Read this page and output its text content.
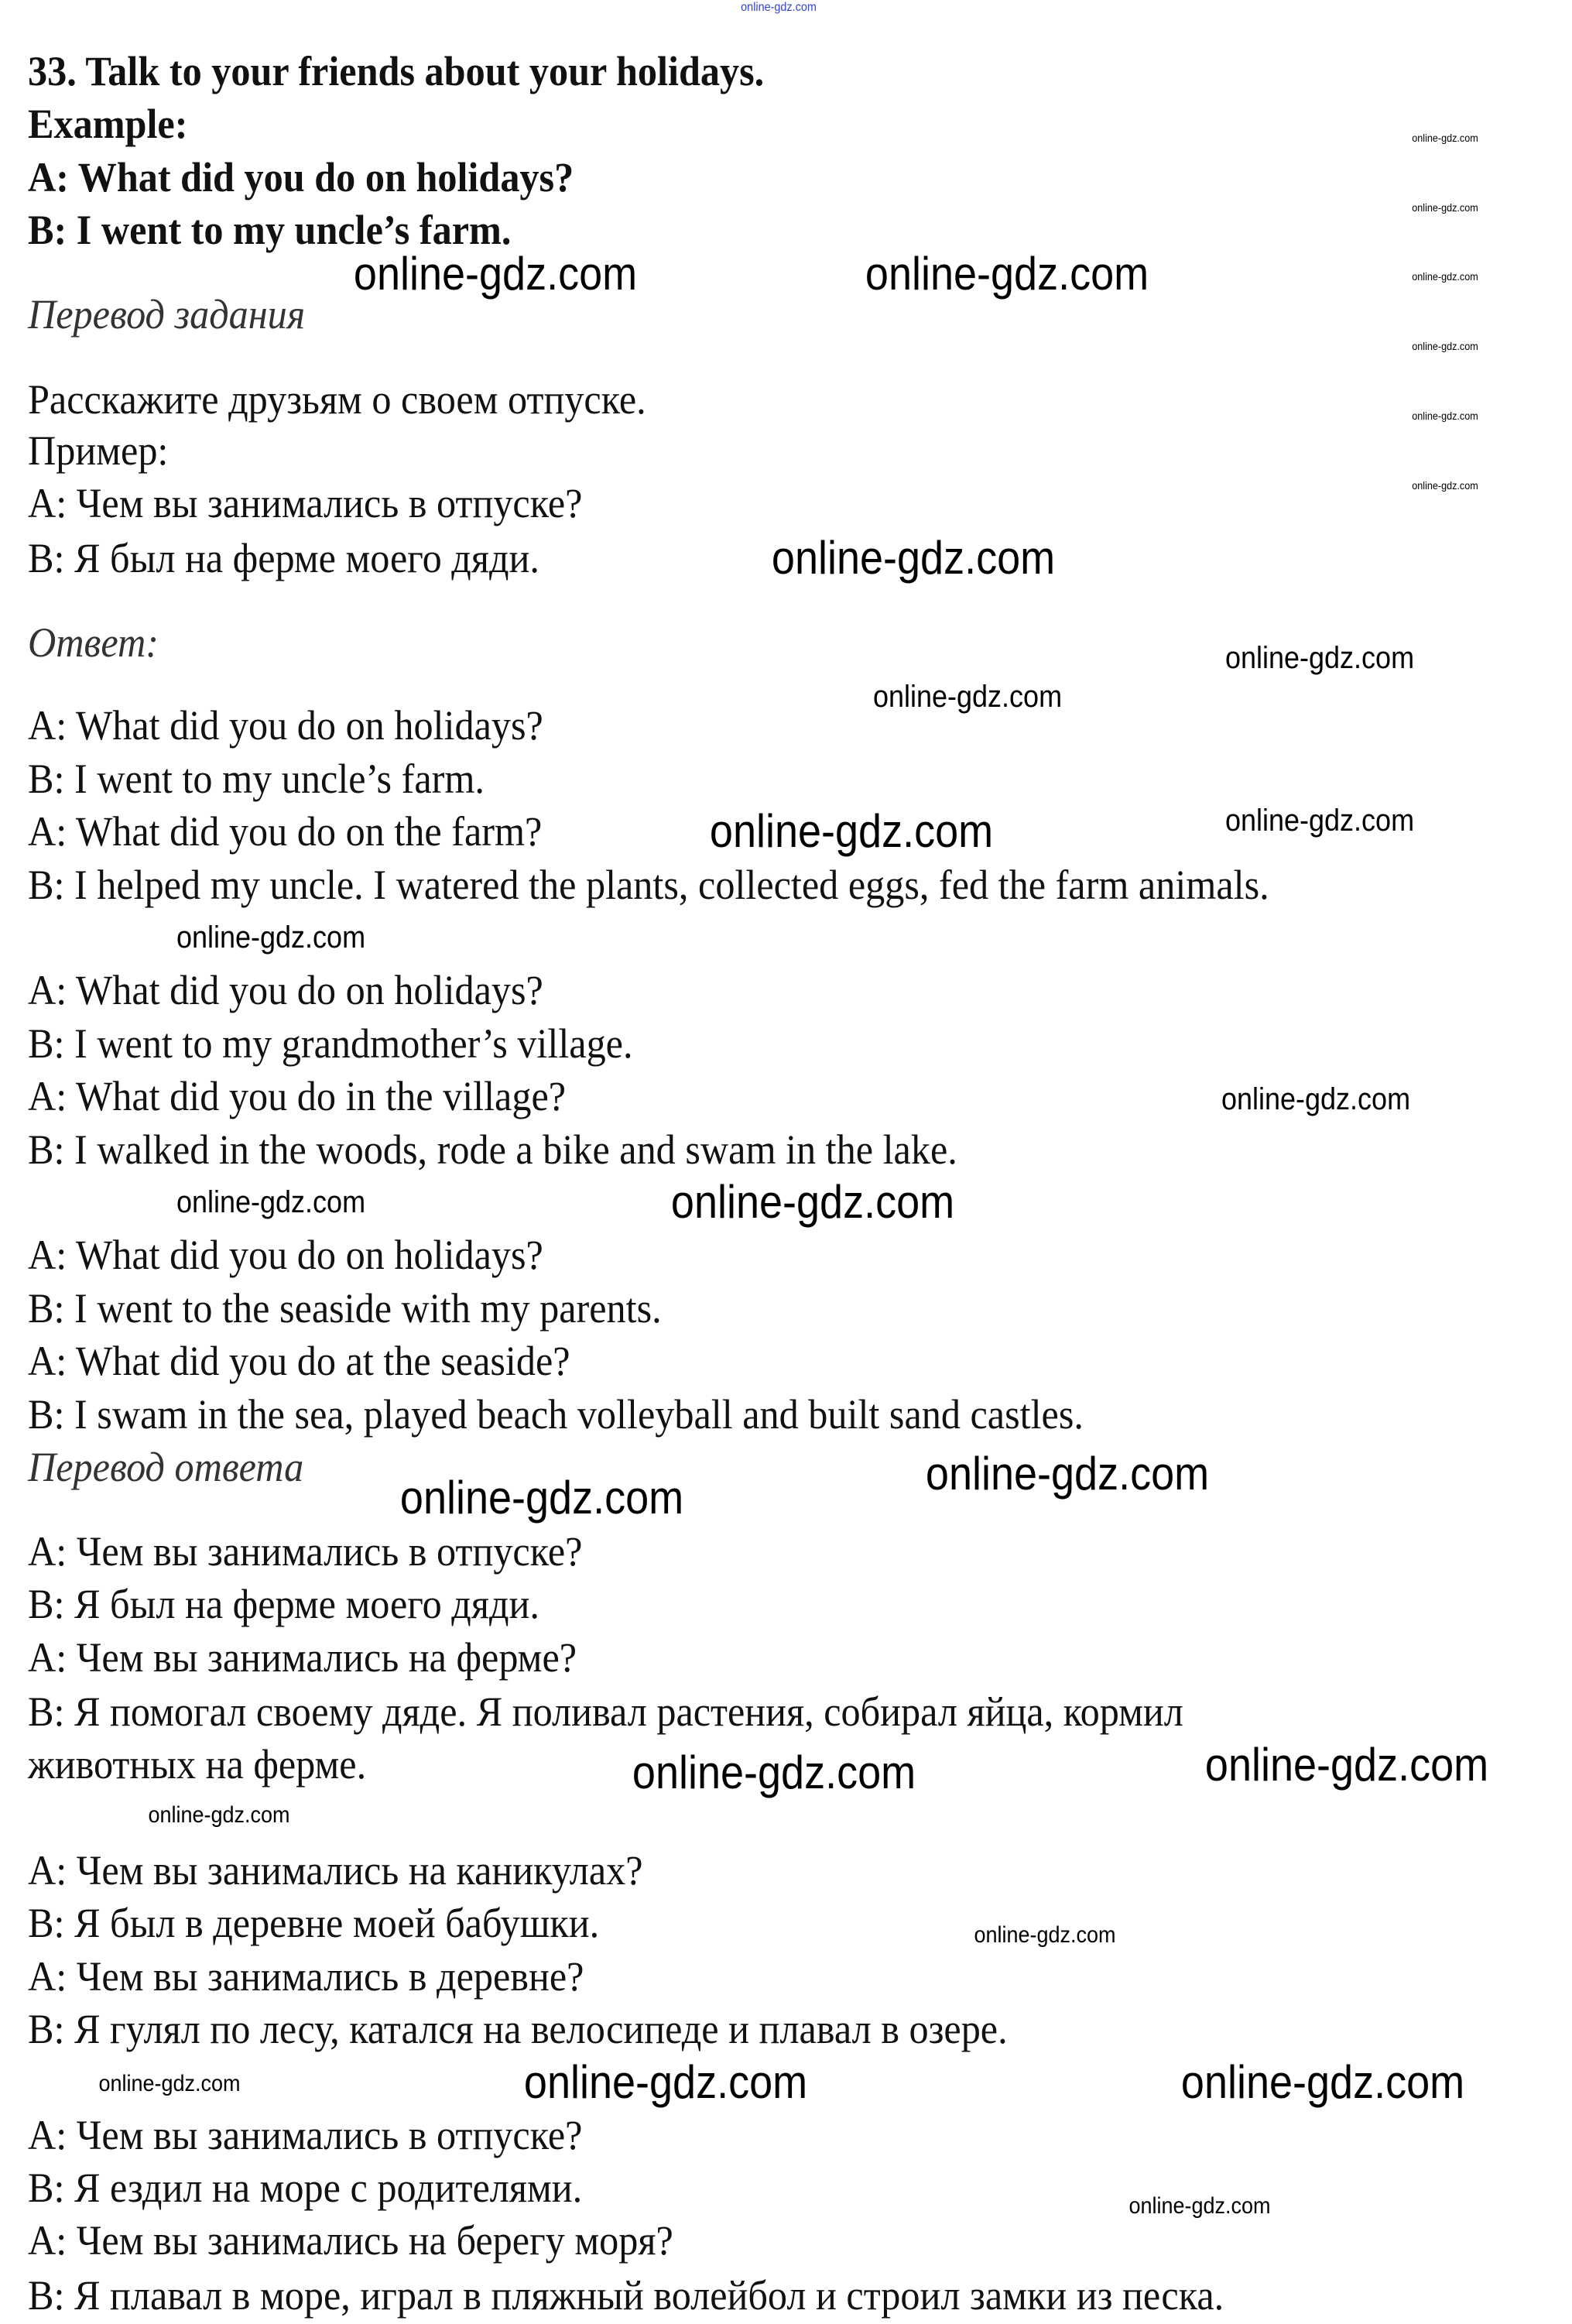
33. Talk to your friends about your holidays.
Example:
A: What did you do on holidays?
B: I went to my uncle’s farm.
Перевод задания
Расскажите друзьям о своем отпуске.
Пример:
А: Чем вы занимались в отпуске?
B: Я был на ферме моего дяди.
Ответ:
A: What did you do on holidays?
B: I went to my uncle’s farm.
A: What did you do on the farm?
B: I helped my uncle. I watered the plants, collected eggs, fed the farm animals.
A: What did you do on holidays?
B: I went to my grandmother’s village.
A: What did you do in the village?
B: I walked in the woods, rode a bike and swam in the lake.
A: What did you do on holidays?
B: I went to the seaside with my parents.
A: What did you do at the seaside?
B: I swam in the sea, played beach volleyball and built sand castles.
Перевод ответа
А: Чем вы занимались в отпуске?
B: Я был на ферме моего дяди.
А: Чем вы занимались на ферме?
B: Я помогал своему дяде. Я поливал растения, собирал яйца, кормил
животных на ферме.
А: Чем вы занимались на каникулах?
B: Я был в деревне моей бабушки.
А: Чем вы занимались в деревне?
B: Я гулял по лесу, катался на велосипеде и плавал в озере.
А: Чем вы занимались в отпуске?
B: Я ездил на море с родителями.
А: Чем вы занимались на берегу моря?
B: Я плавал в море, играл в пляжный волейбол и строил замки из песка.
online-gdz.com
online-gdz.com
online-gdz.com
online-gdz.com
online-gdz.com
online-gdz.com
online-gdz.com
online-gdz.com	online-gdz.com
online-gdz.com
online-gdz.com
online-gdz.com
online-gdz.com	online-gdz.com
online-gdz.com
online-gdz.com
online-gdz.com
online-gdz.com
online-gdz.com
online-gdz.com
online-gdz.com
online-gdz.com
online-gdz.com
online-gdz.com
online-gdz.com	online-gdz.com
online-gdz.com
online-gdz.com
